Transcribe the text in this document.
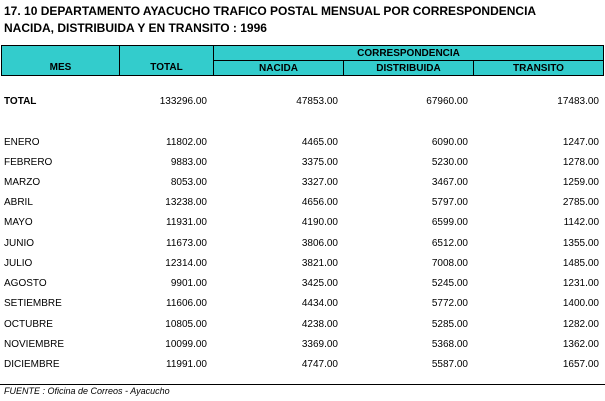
17. 10 DEPARTAMENTO AYACUCHO TRAFICO POSTAL MENSUAL POR CORRESPONDENCIA
NACIDA, DISTRIBUIDA Y EN TRANSITO : 1996
MES	TOTAL
CORRESPONDENCIA
NACIDA	DISTRIBUIDA	TRANSITO
TOTAL	133296.00	47853.00	67960.00	17483.00
ENERO	11802.00	4465.00	6090.00	1247.00
FEBRERO	9883.00	3375.00	5230.00	1278.00
MARZO	8053.00	3327.00	3467.00	1259.00
ABRIL	13238.00	4656.00	5797.00	2785.00
MAYO	11931.00	4190.00	6599.00	1142.00
JUNIO	11673.00	3806.00	6512.00	1355.00
JULIO	12314.00	3821.00	7008.00	1485.00
AGOSTO	9901.00	3425.00	5245.00	1231.00
SETIEMBRE	11606.00	4434.00	5772.00	1400.00
OCTUBRE	10805.00	4238.00	5285.00	1282.00
NOVIEMBRE	10099.00	3369.00	5368.00	1362.00
DICIEMBRE	11991.00	4747.00	5587.00	1657.00
FUENTE : Oficina de Correos - Ayacucho
